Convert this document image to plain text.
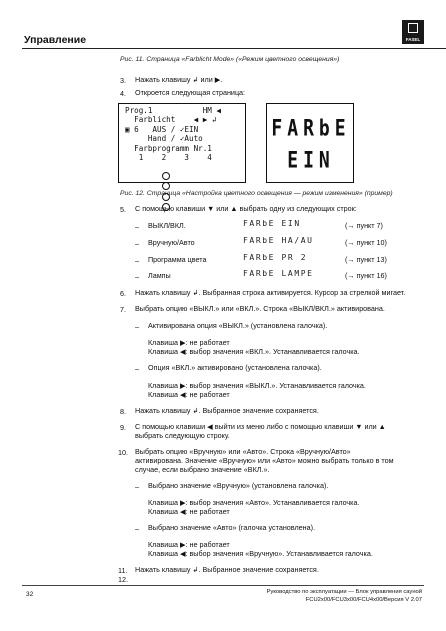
Управление	FASEL
Рис. 11. Страница «Farblicht Mode» («Режим цветного освещения»)
3. Нажать клавишу ↲ или ▶.
4. Откроется следующая страница:
Prog.1           HM ◀
Farblicht    ◀ ▶ ↲
▣ 6   AUS / ✓EIN
Hand / ✓Auto
Farbprogramm Nr.1
1    2    3    4

FARbE
EIN
Рис. 12. Страница «Настройка цветного освещения — режим изменения» (пример)
5. С помощью клавиши ▼ или ▲ выбрать одну из следующих строк:
– ВЫКЛ/ВКЛ.	FARbE EIN	(→ пункт 7)
– Вручную/Авто	FARbE HA/AU	(→ пункт 10)
– Программа цвета	FARbE PR 2	(→ пункт 13)
– Лампы	FARbE LAMPE	(→ пункт 16)
6. Нажать клавишу ↲. Выбранная строка активируется. Курсор за стрелкой мигает.
7. Выбрать опцию «ВЫКЛ.» или «ВКЛ.». Строка «ВЫКЛ/ВКЛ.» активирована.
– Активирована опция «ВЫКЛ.» (установлена галочка).
Клавиша ▶: не работает
Клавиша ◀: выбор значения «ВКЛ.». Устанавливается галочка.
– Опция «ВКЛ.» активировано (установлена галочка).
Клавиша ▶: выбор значения «ВЫКЛ.». Устанавливается галочка.
Клавиша ◀: не работает
8. Нажать клавишу ↲. Выбранное значение сохраняется.
9. С помощью клавиши ◀ выйти из меню либо с помощью клавиши ▼ или ▲
выбрать следующую строку.
10. Выбрать опцию «Вручную» или «Авто». Строка «Вручную/Авто»
активирована. Значение «Вручную» или «Авто» можно выбрать только в том
случае, если выбрано значение «ВКЛ.».
– Выбрано значение «Вручную» (установлена галочка).
Клавиша ▶: выбор значения «Авто». Устанавливается галочка.
Клавиша ◀: не работает
– Выбрано значение «Авто» (галочка установлена).
Клавиша ▶: не работает
Клавиша ◀: выбор значения «Вручную». Устанавливается галочка.
11. Нажать клавишу ↲. Выбранное значение сохраняется.
32	Руководство по эксплуатации — Блок управления сауной
FCU2x00/FCU3x00/FCU4x00/Версия V 2.07
12.
